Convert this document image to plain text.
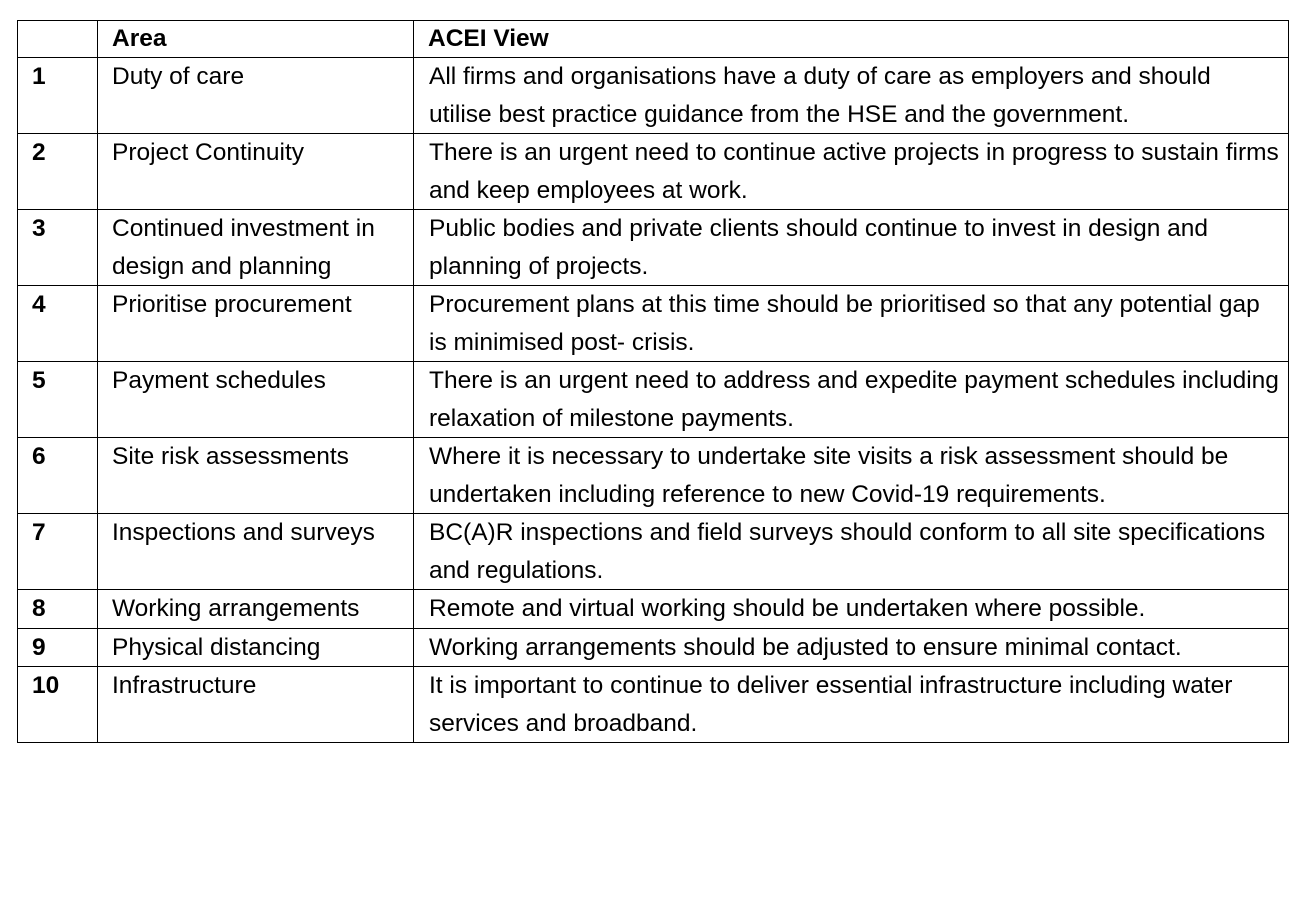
	Area	ACEI View
1	Duty of care	All firms and organisations have a duty of care as employers and should utilise best practice guidance from the HSE and the government.
2	Project Continuity	There is an urgent need to continue active projects in progress to sustain firms and keep employees at work.
3	Continued investment in design and planning	Public bodies and private clients should continue to invest in design and planning of projects.
4	Prioritise procurement	Procurement plans at this time should be prioritised so that any potential gap is minimised post- crisis.
5	Payment schedules	There is an urgent need to address and expedite payment schedules including relaxation of milestone payments.
6	Site risk assessments	Where it is necessary to undertake site visits a risk assessment should be undertaken including reference to new Covid-19 requirements.
7	Inspections and surveys	BC(A)R inspections and field surveys should conform to all site specifications and regulations.
8	Working arrangements	Remote and virtual working should be undertaken where possible.
9	Physical distancing	Working arrangements should be adjusted to ensure minimal contact.
10	Infrastructure	It is important to continue to deliver essential infrastructure including water services and broadband.
